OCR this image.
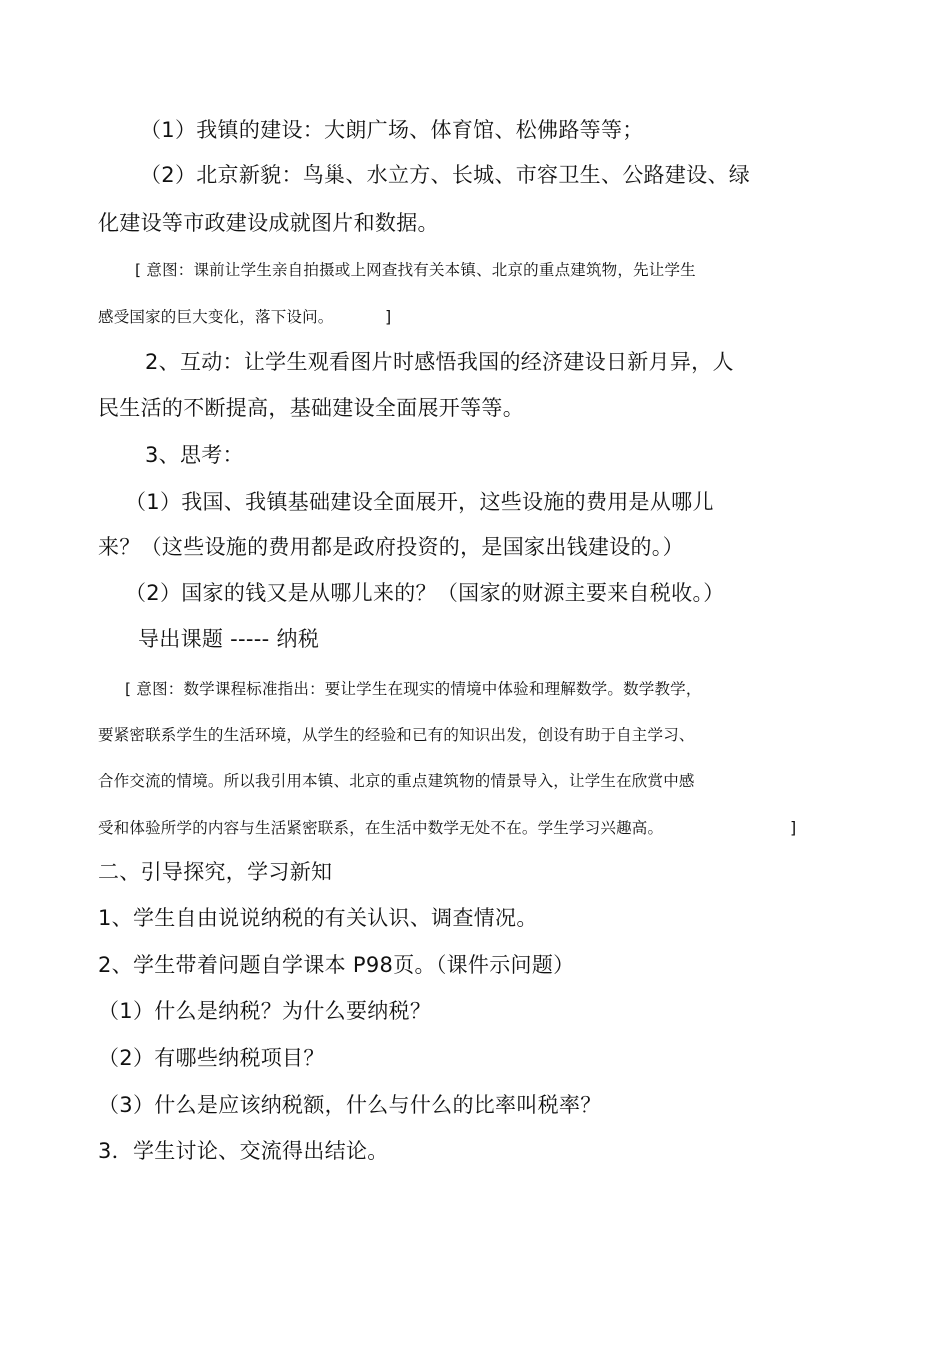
（1）我镇的建设：大朗广场、体育馆、松佛路等等；

（2）北京新貌：鸟巢、水立方、长城、市容卫生、公路建设、绿

化建设等市政建设成就图片和数据。

[ 意图：课前让学生亲自拍摄或上网查找有关本镇、北京的重点建筑物，先让学生

感受国家的巨大变化，落下设问。	]

2、互动：让学生观看图片时感悟我国的经济建设日新月异，人

民生活的不断提高，基础建设全面展开等等。

3、思考：

（1）我国、我镇基础建设全面展开，这些设施的费用是从哪儿

来？（这些设施的费用都是政府投资的，是国家出钱建设的。）

（2）国家的钱又是从哪儿来的？（国家的财源主要来自税收。）

导出课题 ----- 纳税

[ 意图：数学课程标准指出：要让学生在现实的情境中体验和理解数学。数学教学，

要紧密联系学生的生活环境，从学生的经验和已有的知识出发，创设有助于自主学习、

合作交流的情境。所以我引用本镇、北京的重点建筑物的情景导入，让学生在欣赏中感

受和体验所学的内容与生活紧密联系，在生活中数学无处不在。学生学习兴趣高。	]

二、引导探究，学习新知

1、学生自由说说纳税的有关认识、调查情况。

2、学生带着问题自学课本 P98页。（课件示问题）

（1）什么是纳税？为什么要纳税？

（2）有哪些纳税项目？

（3）什么是应该纳税额，什么与什么的比率叫税率？

3．学生讨论、交流得出结论。
